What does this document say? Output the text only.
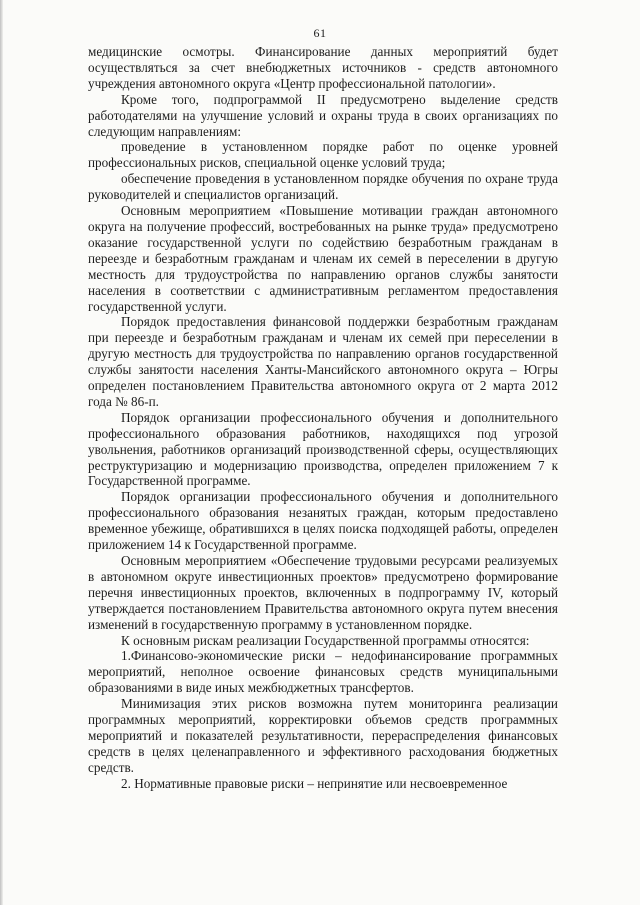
61

медицинские осмотры. Финансирование данных мероприятий будет осуществляться за счет внебюджетных источников - средств автономного учреждения автономного округа «Центр профессиональной патологии».

Кроме того, подпрограммой II предусмотрено выделение средств работодателями на улучшение условий и охраны труда в своих организациях по следующим направлениям:

проведение в установленном порядке работ по оценке уровней профессиональных рисков, специальной оценке условий труда;

обеспечение проведения в установленном порядке обучения по охране труда руководителей и специалистов организаций.

Основным мероприятием «Повышение мотивации граждан автономного округа на получение профессий, востребованных на рынке труда» предусмотрено оказание государственной услуги по содействию безработным гражданам в переезде и безработным гражданам и членам их семей в переселении в другую местность для трудоустройства по направлению органов службы занятости населения в соответствии с административным регламентом предоставления государственной услуги.

Порядок предоставления финансовой поддержки безработным гражданам при переезде и безработным гражданам и членам их семей при переселении в другую местность для трудоустройства по направлению органов государственной службы занятости населения Ханты-Мансийского автономного округа – Югры определен постановлением Правительства автономного округа от 2 марта 2012 года № 86-п.

Порядок организации профессионального обучения и дополнительного профессионального образования работников, находящихся под угрозой увольнения, работников организаций производственной сферы, осуществляющих реструктуризацию и модернизацию производства, определен приложением 7 к Государственной программе.

Порядок организации профессионального обучения и дополнительного профессионального образования незанятых граждан, которым предоставлено временное убежище, обратившихся в целях поиска подходящей работы, определен приложением 14 к Государственной программе.

Основным мероприятием «Обеспечение трудовыми ресурсами реализуемых в автономном округе инвестиционных проектов» предусмотрено формирование перечня инвестиционных проектов, включенных в подпрограмму IV, который утверждается постановлением Правительства автономного округа путем внесения изменений в государственную программу в установленном порядке.

К основным рискам реализации Государственной программы относятся:

1.Финансово-экономические риски – недофинансирование программных мероприятий, неполное освоение финансовых средств муниципальными образованиями в виде иных межбюджетных трансфертов.

Минимизация этих рисков возможна путем мониторинга реализации программных мероприятий, корректировки объемов средств программных мероприятий и показателей результативности, перераспределения финансовых средств в целях целенаправленного и эффективного расходования бюджетных средств.

2. Нормативные правовые риски – непринятие или несвоевременное
